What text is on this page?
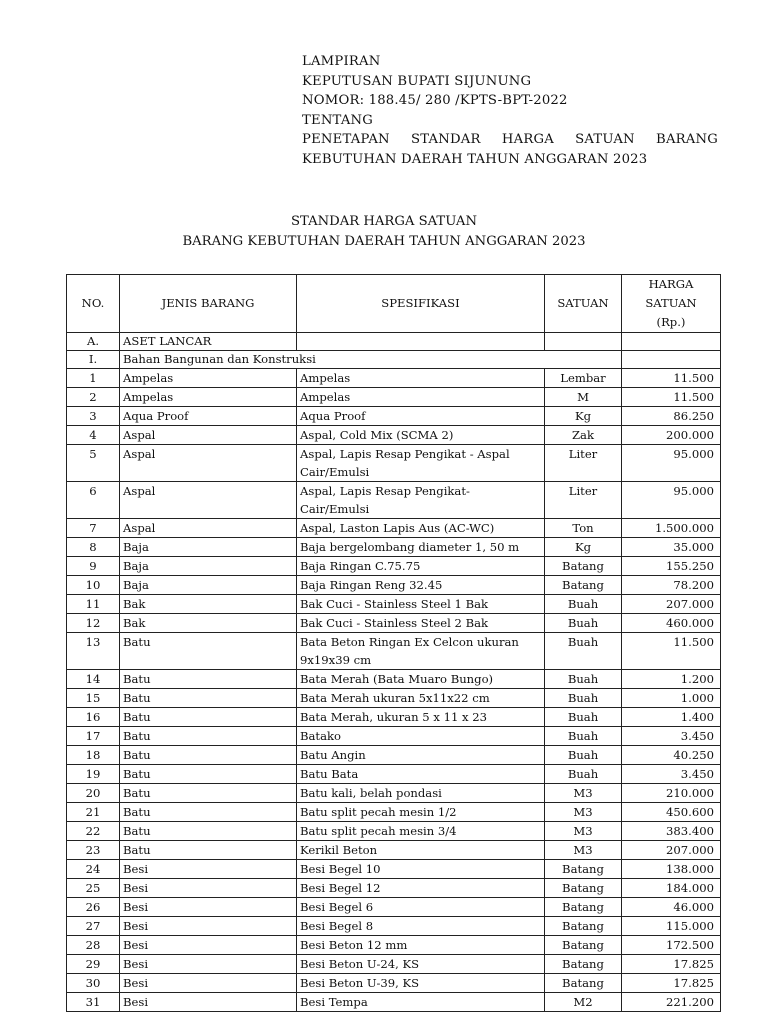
LAMPIRAN
KEPUTUSAN BUPATI SIJUNUNG
NOMOR: 188.45/ 280 /KPTS-BPT-2022
TENTANG
PENETAPAN STANDAR HARGA SATUAN BARANG
KEBUTUHAN DAERAH TAHUN ANGGARAN 2023
STANDAR HARGA SATUAN
BARANG KEBUTUHAN DAERAH TAHUN ANGGARAN 2023
NO.	JENIS BARANG	SPESIFIKASI	SATUAN	HARGA
SATUAN
(Rp.)

A.	ASET LANCAR			
I.	Bahan Bangunan dan Konstruksi			
1	Ampelas	Ampelas	Lembar	11.500
2	Ampelas	Ampelas	M	11.500
3	Aqua Proof	Aqua Proof	Kg	86.250
4	Aspal	Aspal, Cold Mix (SCMA 2)	Zak	200.000
5	Aspal	Aspal, Lapis Resap Pengikat - Aspal Cair/Emulsi	Liter	95.000
6	Aspal	Aspal, Lapis Resap Pengikat- Cair/Emulsi	Liter	95.000
7	Aspal	Aspal, Laston Lapis Aus (AC-WC)	Ton	1.500.000
8	Baja	Baja bergelombang diameter 1, 50 m	Kg	35.000
9	Baja	Baja Ringan C.75.75	Batang	155.250
10	Baja	Baja Ringan Reng 32.45	Batang	78.200
11	Bak	Bak Cuci - Stainless Steel 1 Bak	Buah	207.000
12	Bak	Bak Cuci - Stainless Steel 2 Bak	Buah	460.000
13	Batu	Bata Beton Ringan Ex Celcon ukuran 9x19x39 cm	Buah	11.500
14	Batu	Bata Merah (Bata Muaro Bungo)	Buah	1.200
15	Batu	Bata Merah ukuran 5x11x22 cm	Buah	1.000
16	Batu	Bata Merah, ukuran 5 x 11 x 23	Buah	1.400
17	Batu	Batako	Buah	3.450
18	Batu	Batu Angin	Buah	40.250
19	Batu	Batu Bata	Buah	3.450
20	Batu	Batu kali, belah pondasi	M3	210.000
21	Batu	Batu split pecah mesin 1/2	M3	450.600
22	Batu	Batu split pecah mesin 3/4	M3	383.400
23	Batu	Kerikil Beton	M3	207.000
24	Besi	Besi Begel 10	Batang	138.000
25	Besi	Besi Begel 12	Batang	184.000
26	Besi	Besi Begel 6	Batang	46.000
27	Besi	Besi Begel 8	Batang	115.000
28	Besi	Besi Beton 12 mm	Batang	172.500
29	Besi	Besi Beton U-24, KS	Batang	17.825
30	Besi	Besi Beton U-39, KS	Batang	17.825
31	Besi	Besi Tempa	M2	221.200
